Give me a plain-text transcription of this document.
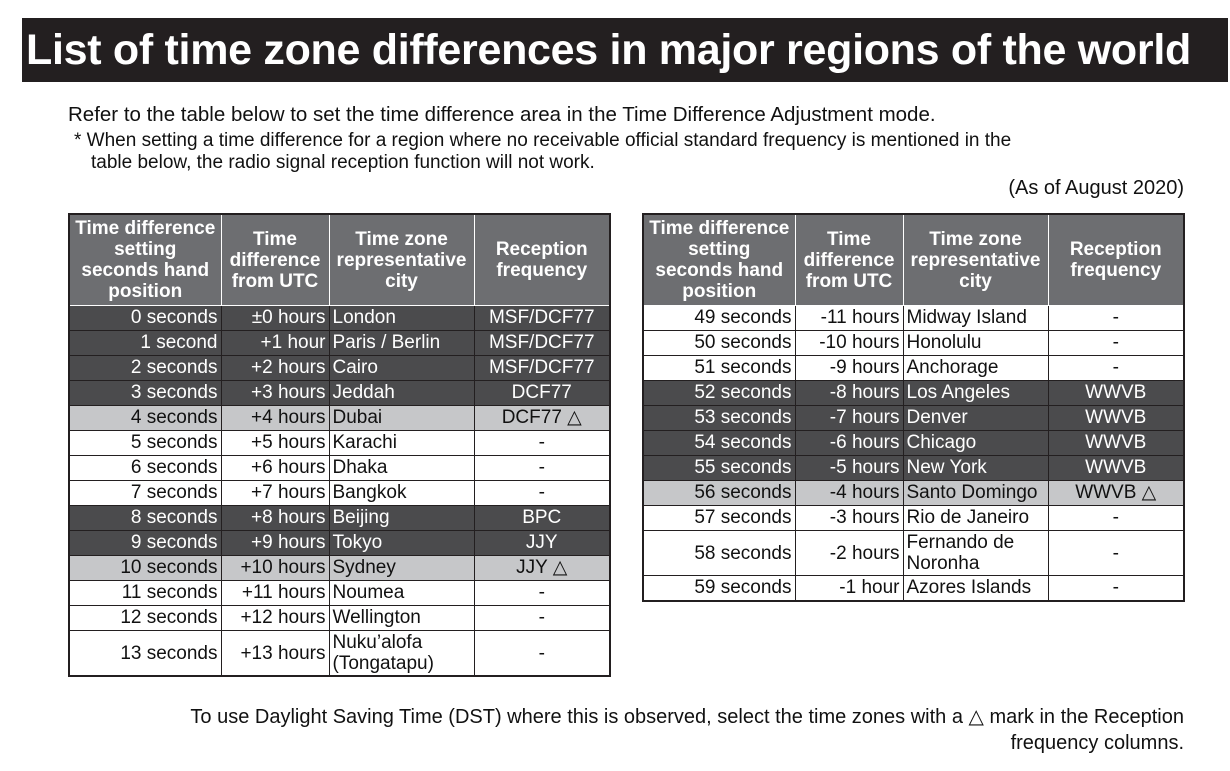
List of time zone differences in major regions of the world
Refer to the table below to set the time difference area in the Time Difference Adjustment mode.
* When setting a time difference for a region where no receivable official standard frequency is mentioned in the
table below, the radio signal reception function will not work.
(As of August 2020)
Time difference setting seconds hand position	Time difference from UTC	Time zone representative city	Reception frequency
0 seconds	±0 hours	London	MSF/DCF77
1 second	+1 hour	Paris / Berlin	MSF/DCF77
2 seconds	+2 hours	Cairo	MSF/DCF77
3 seconds	+3 hours	Jeddah	DCF77
4 seconds	+4 hours	Dubai	DCF77 △
5 seconds	+5 hours	Karachi	-
6 seconds	+6 hours	Dhaka	-
7 seconds	+7 hours	Bangkok	-
8 seconds	+8 hours	Beijing	BPC
9 seconds	+9 hours	Tokyo	JJY
10 seconds	+10 hours	Sydney	JJY △
11 seconds	+11 hours	Noumea	-
12 seconds	+12 hours	Wellington	-
13 seconds	+13 hours	Nuku’alofa (Tongatapu)	-
Time difference setting seconds hand position	Time difference from UTC	Time zone representative city	Reception frequency
49 seconds	-11 hours	Midway Island	-
50 seconds	-10 hours	Honolulu	-
51 seconds	-9 hours	Anchorage	-
52 seconds	-8 hours	Los Angeles	WWVB
53 seconds	-7 hours	Denver	WWVB
54 seconds	-6 hours	Chicago	WWVB
55 seconds	-5 hours	New York	WWVB
56 seconds	-4 hours	Santo Domingo	WWVB △
57 seconds	-3 hours	Rio de Janeiro	-
58 seconds	-2 hours	Fernando de Noronha	-
59 seconds	-1 hour	Azores Islands	-
To use Daylight Saving Time (DST) where this is observed, select the time zones with a △ mark in the Reception
frequency columns.
